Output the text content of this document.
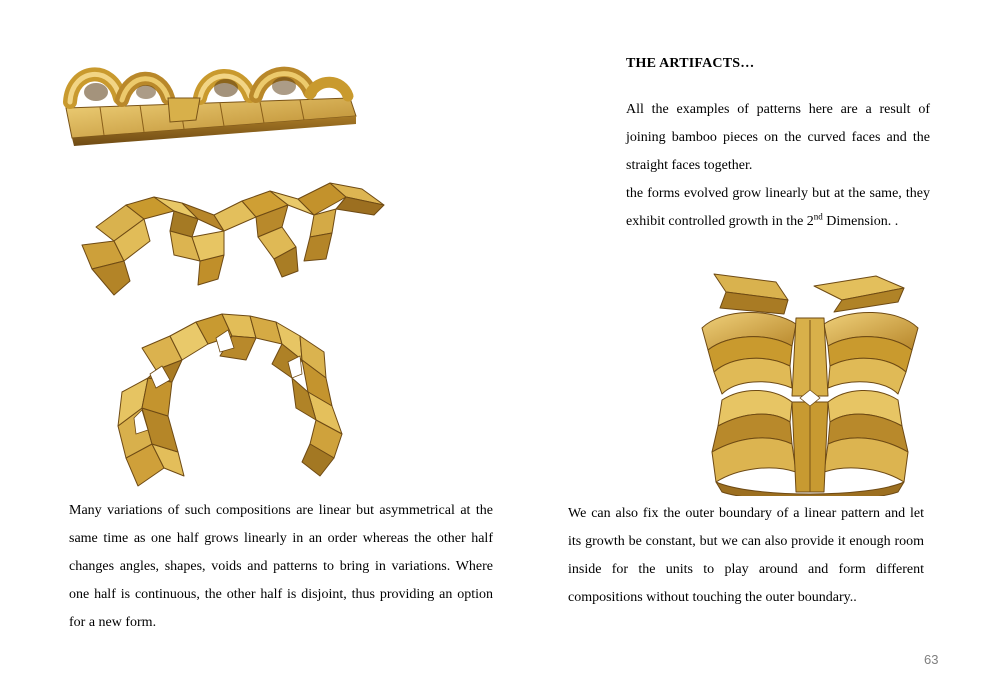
THE ARTIFACTS…

All the examples of patterns here are a result of joining bamboo pieces on the curved faces and the straight faces together.

the forms evolved grow linearly but at the same, they exhibit controlled growth in the 2nd Dimension. .

Many variations of such compositions are linear but asymmetrical at the same time as one half grows linearly in an order whereas the other half changes angles, shapes, voids and patterns to bring in variations. Where one half is continuous, the other half is disjoint, thus providing an option for a new form.

We can also fix the outer boundary of a linear pattern and let its growth be constant, but we can also provide it enough room inside for the units to play around and form different compositions without touching the outer boundary..

63
